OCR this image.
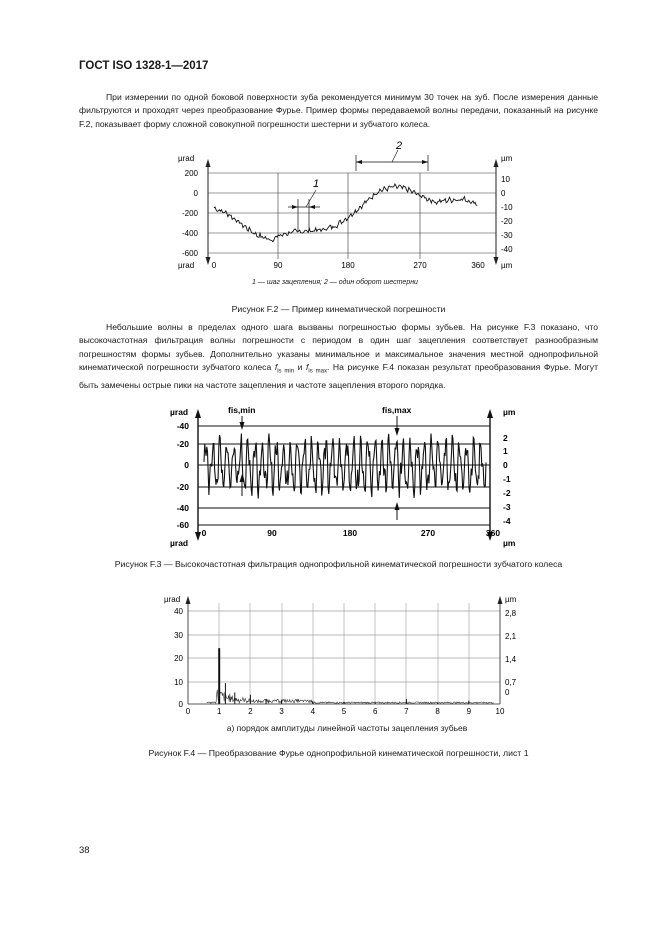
ГОСТ ISO 1328-1—2017

При измерении по одной боковой поверхности зуба рекомендуется минимум 30 точек на зуб. После измерения данные фильтруются и проходят через преобразование Фурье. Пример формы передаваемой волны передачи, показанный на рисунке F.2, показывает форму сложной совокупной погрешности шестерни и зубчатого колеса.

µrad	µm
µrad	µm
200
0
-200
-400
-600
10
0
-10
-20
-30
-40
0	90	180	270	360
1
2
1 — шаг зацепления; 2 — один оборот шестерни
Рисунок F.2 — Пример кинематической погрешности

Небольшие волны в пределах одного шага вызваны погрешностью формы зубьев. На рисунке F.3 показано, что высокочастотная фильтрация волны погрешности с периодом в один шаг зацепления соответствует разнообразным погрешностям формы зубьев. Дополнительно указаны минимальное и максимальное значения местной однопрофильной кинематической погрешности зубчатого колеса $f_{is min}$ и $f_{is max}$. На рисунке F.4 показан результат преобразования Фурье. Могут быть замечены острые пики на частоте зацепления и частоте зацепления второго порядка.

µrad	µm
µrad	µm
-40
-20
0
-20
-40
-60
2
1
0
-1
-2
-3
-4
0	90	180	270	360
fis,min	fis,max
Рисунок F.3 — Высокочастотная фильтрация однопрофильной кинематической погрешности зубчатого колеса
µrad	µm
40
30
20
10
0
2,8
2,1
1,4
0,7
0
0	1	2	3	4	5	6	7	8	9	10
а) порядок амплитуды линейной частоты зацепления зубьев
Рисунок F.4 — Преобразование Фурье однопрофильной кинематической погрешности, лист 1
38
